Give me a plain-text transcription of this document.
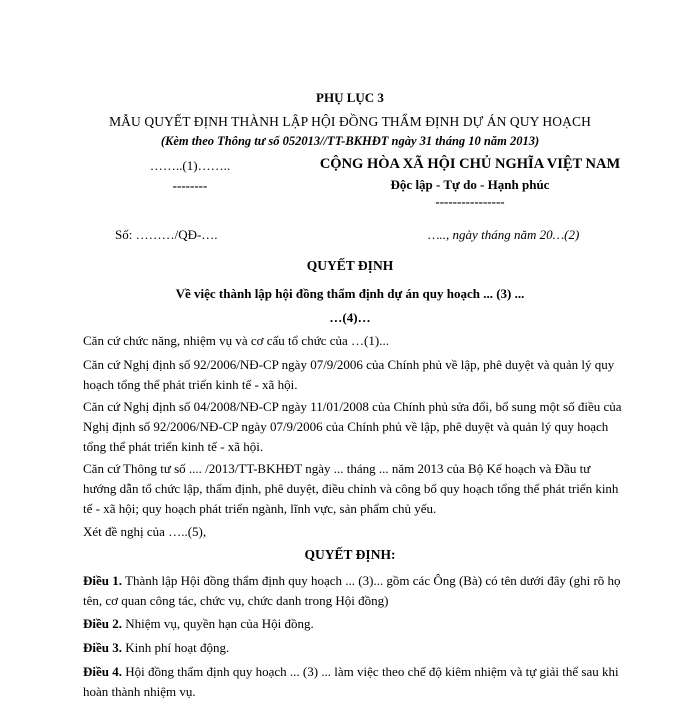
PHỤ LỤC 3
MẪU QUYẾT ĐỊNH THÀNH LẬP HỘI ĐỒNG THẨM ĐỊNH DỰ ÁN QUY HOẠCH
(Kèm theo Thông tư số 052013//TT-BKHĐT ngày 31 tháng 10 năm 2013)
……..(1)……..
--------
CỘNG HÒA XÃ HỘI CHỦ NGHĨA VIỆT NAM
Độc lập - Tự do - Hạnh phúc
----------------
Số: ………/QĐ-….	….., ngày tháng năm 20…(2)
QUYẾT ĐỊNH
Về việc thành lập hội đồng thẩm định dự án quy hoạch ... (3) ...
…(4)…

Căn cứ chức năng, nhiệm vụ và cơ cấu tổ chức của …(1)...

Căn cứ Nghị định số 92/2006/NĐ-CP ngày 07/9/2006 của Chính phủ về lập, phê duyệt và quản lý quy hoạch tổng thể phát triển kinh tế - xã hội.

Căn cứ Nghị định số 04/2008/NĐ-CP ngày 11/01/2008 của Chính phủ sửa đổi, bổ sung một số điều của Nghị định số 92/2006/NĐ-CP ngày 07/9/2006 của Chính phủ về lập, phê duyệt và quản lý quy hoạch tổng thể phát triển kinh tế - xã hội.

Căn cứ Thông tư số .... /2013/TT-BKHĐT ngày ... tháng ... năm 2013 của Bộ Kế hoạch và Đầu tư hướng dẫn tổ chức lập, thẩm định, phê duyệt, điều chỉnh và công bố quy hoạch tổng thể phát triển kinh tế - xã hội; quy hoạch phát triển ngành, lĩnh vực, sản phẩm chủ yếu.

Xét đề nghị của …..(5),

QUYẾT ĐỊNH:

Điều 1. Thành lập Hội đồng thẩm định quy hoạch ... (3)... gồm các Ông (Bà) có tên dưới đây (ghi rõ họ tên, cơ quan công tác, chức vụ, chức danh trong Hội đồng)

Điều 2. Nhiệm vụ, quyền hạn của Hội đồng.

Điều 3. Kinh phí hoạt động.

Điều 4. Hội đồng thẩm định quy hoạch ... (3) ... làm việc theo chế độ kiêm nhiệm và tự giải thể sau khi hoàn thành nhiệm vụ.
